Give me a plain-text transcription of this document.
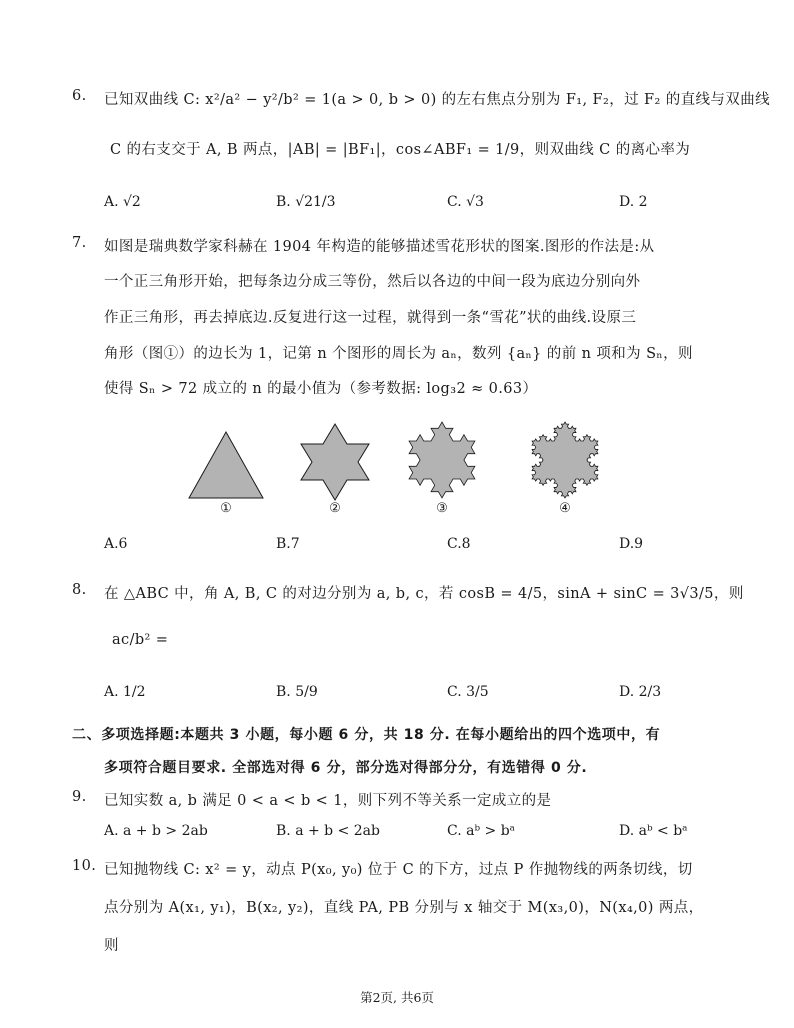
6. 已知双曲线 C: x²/a² − y²/b² = 1(a > 0, b > 0) 的左右焦点分别为 F₁, F₂，过 F₂ 的直线与双曲线
C 的右支交于 A, B 两点，|AB| = |BF₁|，cos∠ABF₁ = 1/9，则双曲线 C 的离心率为
A. √2	B. √21/3	C. √3	D. 2
7. 如图是瑞典数学家科赫在 1904 年构造的能够描述雪花形状的图案.图形的作法是:从
一个正三角形开始，把每条边分成三等份，然后以各边的中间一段为底边分别向外
作正三角形，再去掉底边.反复进行这一过程，就得到一条“雪花”状的曲线.设原三
角形（图①）的边长为 1，记第 n 个图形的周长为 aₙ，数列 {aₙ} 的前 n 项和为 Sₙ，则
使得 Sₙ > 72 成立的 n 的最小值为（参考数据: log₃2 ≈ 0.63）
①	②	③	④
A.6	B.7	C.8	D.9
8. 在 △ABC 中，角 A, B, C 的对边分别为 a, b, c，若 cosB = 4/5，sinA + sinC = 3√3/5，则
ac/b² =
A. 1/2	B. 5/9	C. 3/5	D. 2/3
二、多项选择题:本题共 3 小题，每小题 6 分，共 18 分. 在每小题给出的四个选项中，有
多项符合题目要求. 全部选对得 6 分，部分选对得部分分，有选错得 0 分.
9. 已知实数 a, b 满足 0 < a < b < 1，则下列不等关系一定成立的是
A. a + b > 2ab	B. a + b < 2ab	C. aᵇ > bᵃ	D. aᵇ < bᵃ
10. 已知抛物线 C: x² = y，动点 P(x₀, y₀) 位于 C 的下方，过点 P 作抛物线的两条切线，切
点分别为 A(x₁, y₁)，B(x₂, y₂)，直线 PA, PB 分别与 x 轴交于 M(x₃,0)，N(x₄,0) 两点，
则
第2页, 共6页
